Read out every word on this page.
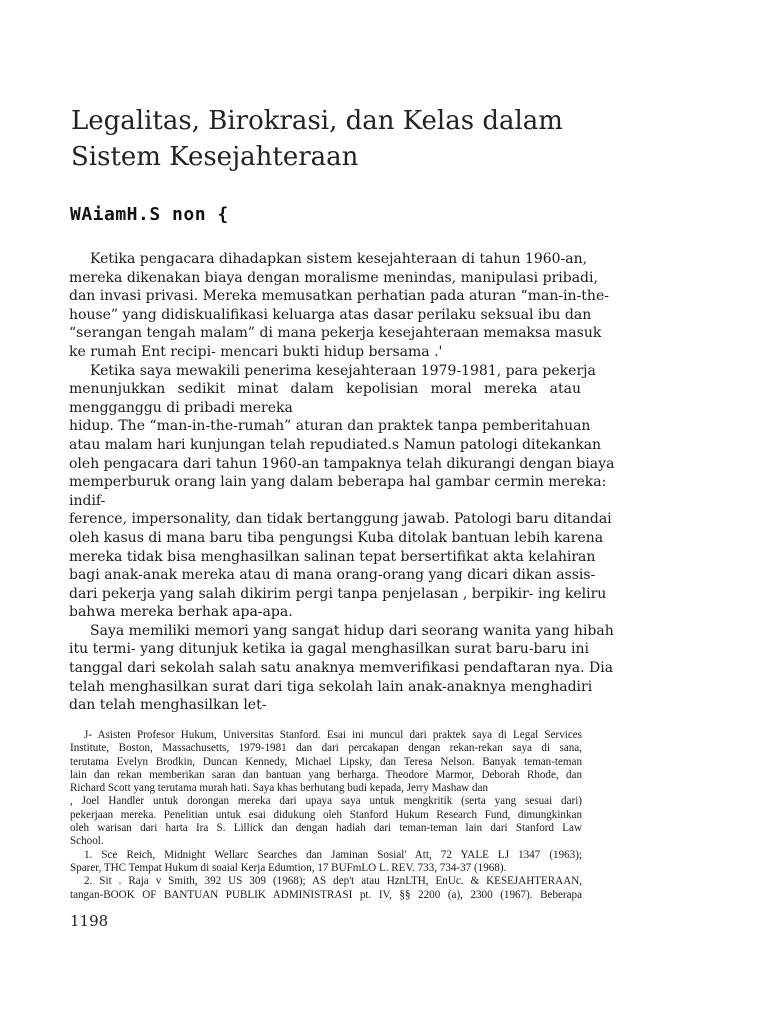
Legalitas, Birokrasi, dan Kelas dalam
Sistem Kesejahteraan
WAiamH.S non {
Ketika pengacara dihadapkan sistem kesejahteraan di tahun 1960-an,
mereka dikenakan biaya dengan moralisme menindas, manipulasi pribadi,
dan invasi privasi. Mereka memusatkan perhatian pada aturan “man-in-the-
house” yang didiskualifikasi keluarga atas dasar perilaku seksual ibu dan
“serangan tengah malam” di mana pekerja kesejahteraan memaksa masuk
ke rumah Ent recipi- mencari bukti hidup bersama .'
Ketika saya mewakili penerima kesejahteraan 1979-1981, para pekerja
menunjukkan sedikit minat dalam kepolisian moral mereka atau
mengganggu di pribadi mereka
hidup. The “man-in-the-rumah” aturan dan praktek tanpa pemberitahuan
atau malam hari kunjungan telah repudiated.s Namun patologi ditekankan
oleh pengacara dari tahun 1960-an tampaknya telah dikurangi dengan biaya
memperburuk orang lain yang dalam beberapa hal gambar cermin mereka:
indif-
ference, impersonality, dan tidak bertanggung jawab. Patologi baru ditandai
oleh kasus di mana baru tiba pengungsi Kuba ditolak bantuan lebih karena
mereka tidak bisa menghasilkan salinan tepat bersertifikat akta kelahiran
bagi anak-anak mereka atau di mana orang-orang yang dicari dikan assis-
dari pekerja yang salah dikirim pergi tanpa penjelasan , berpikir- ing keliru
bahwa mereka berhak apa-apa.
Saya memiliki memori yang sangat hidup dari seorang wanita yang hibah
itu termi- yang ditunjuk ketika ia gagal menghasilkan surat baru-baru ini
tanggal dari sekolah salah satu anaknya memverifikasi pendaftaran nya. Dia
telah menghasilkan surat dari tiga sekolah lain anak-anaknya menghadiri
dan telah menghasilkan let-
J- Asisten Profesor Hukum, Universitas Stanford. Esai ini muncul dari praktek saya di Legal Services
Institute, Boston, Massachusetts, 1979-1981 dan dari percakapan dengan rekan-rekan saya di sana,
terutama Evelyn Brodkin, Duncan Kennedy, Michael Lipsky, dan Teresa Nelson. Banyak teman-teman
lain dan rekan memberikan saran dan bantuan yang berharga. Theodore Marmor, Deborah Rhode, dan
Richard Scott yang terutama murah hati. Saya khas berhutang budi kepada, Jerry Mashaw dan
, Joel Handler untuk dorongan mereka dari upaya saya untuk mengkritik (serta yang sesuai dari)
pekerjaan mereka. Penelitian untuk esai didukung oleh Stanford Hukum Research Fund, dimungkinkan
oleh warisan dari harta Ira S. Lillick dan dengan hadiah dari teman-teman lain dari Stanford Law
School.
1. Sce Reich, Midnight Wellarc Searches dan Jaminan Sosial' Att, 72 YALE LJ 1347 (1963);
Sparer, THC Tempat Hukum di soaial Kerja Edumtion, 17 BUFmLO L. REV. 733, 734-37 (1968).
2. Sit . Raja v Smith, 392 US 309 (1968); AS dep't atau HznLTH, EnUc. & KESEJAHTERAAN,
tangan-BOOK OF BANTUAN PUBLIK ADMINISTRASI pt. IV, §§ 2200 (a), 2300 (1967). Beberapa
1198
